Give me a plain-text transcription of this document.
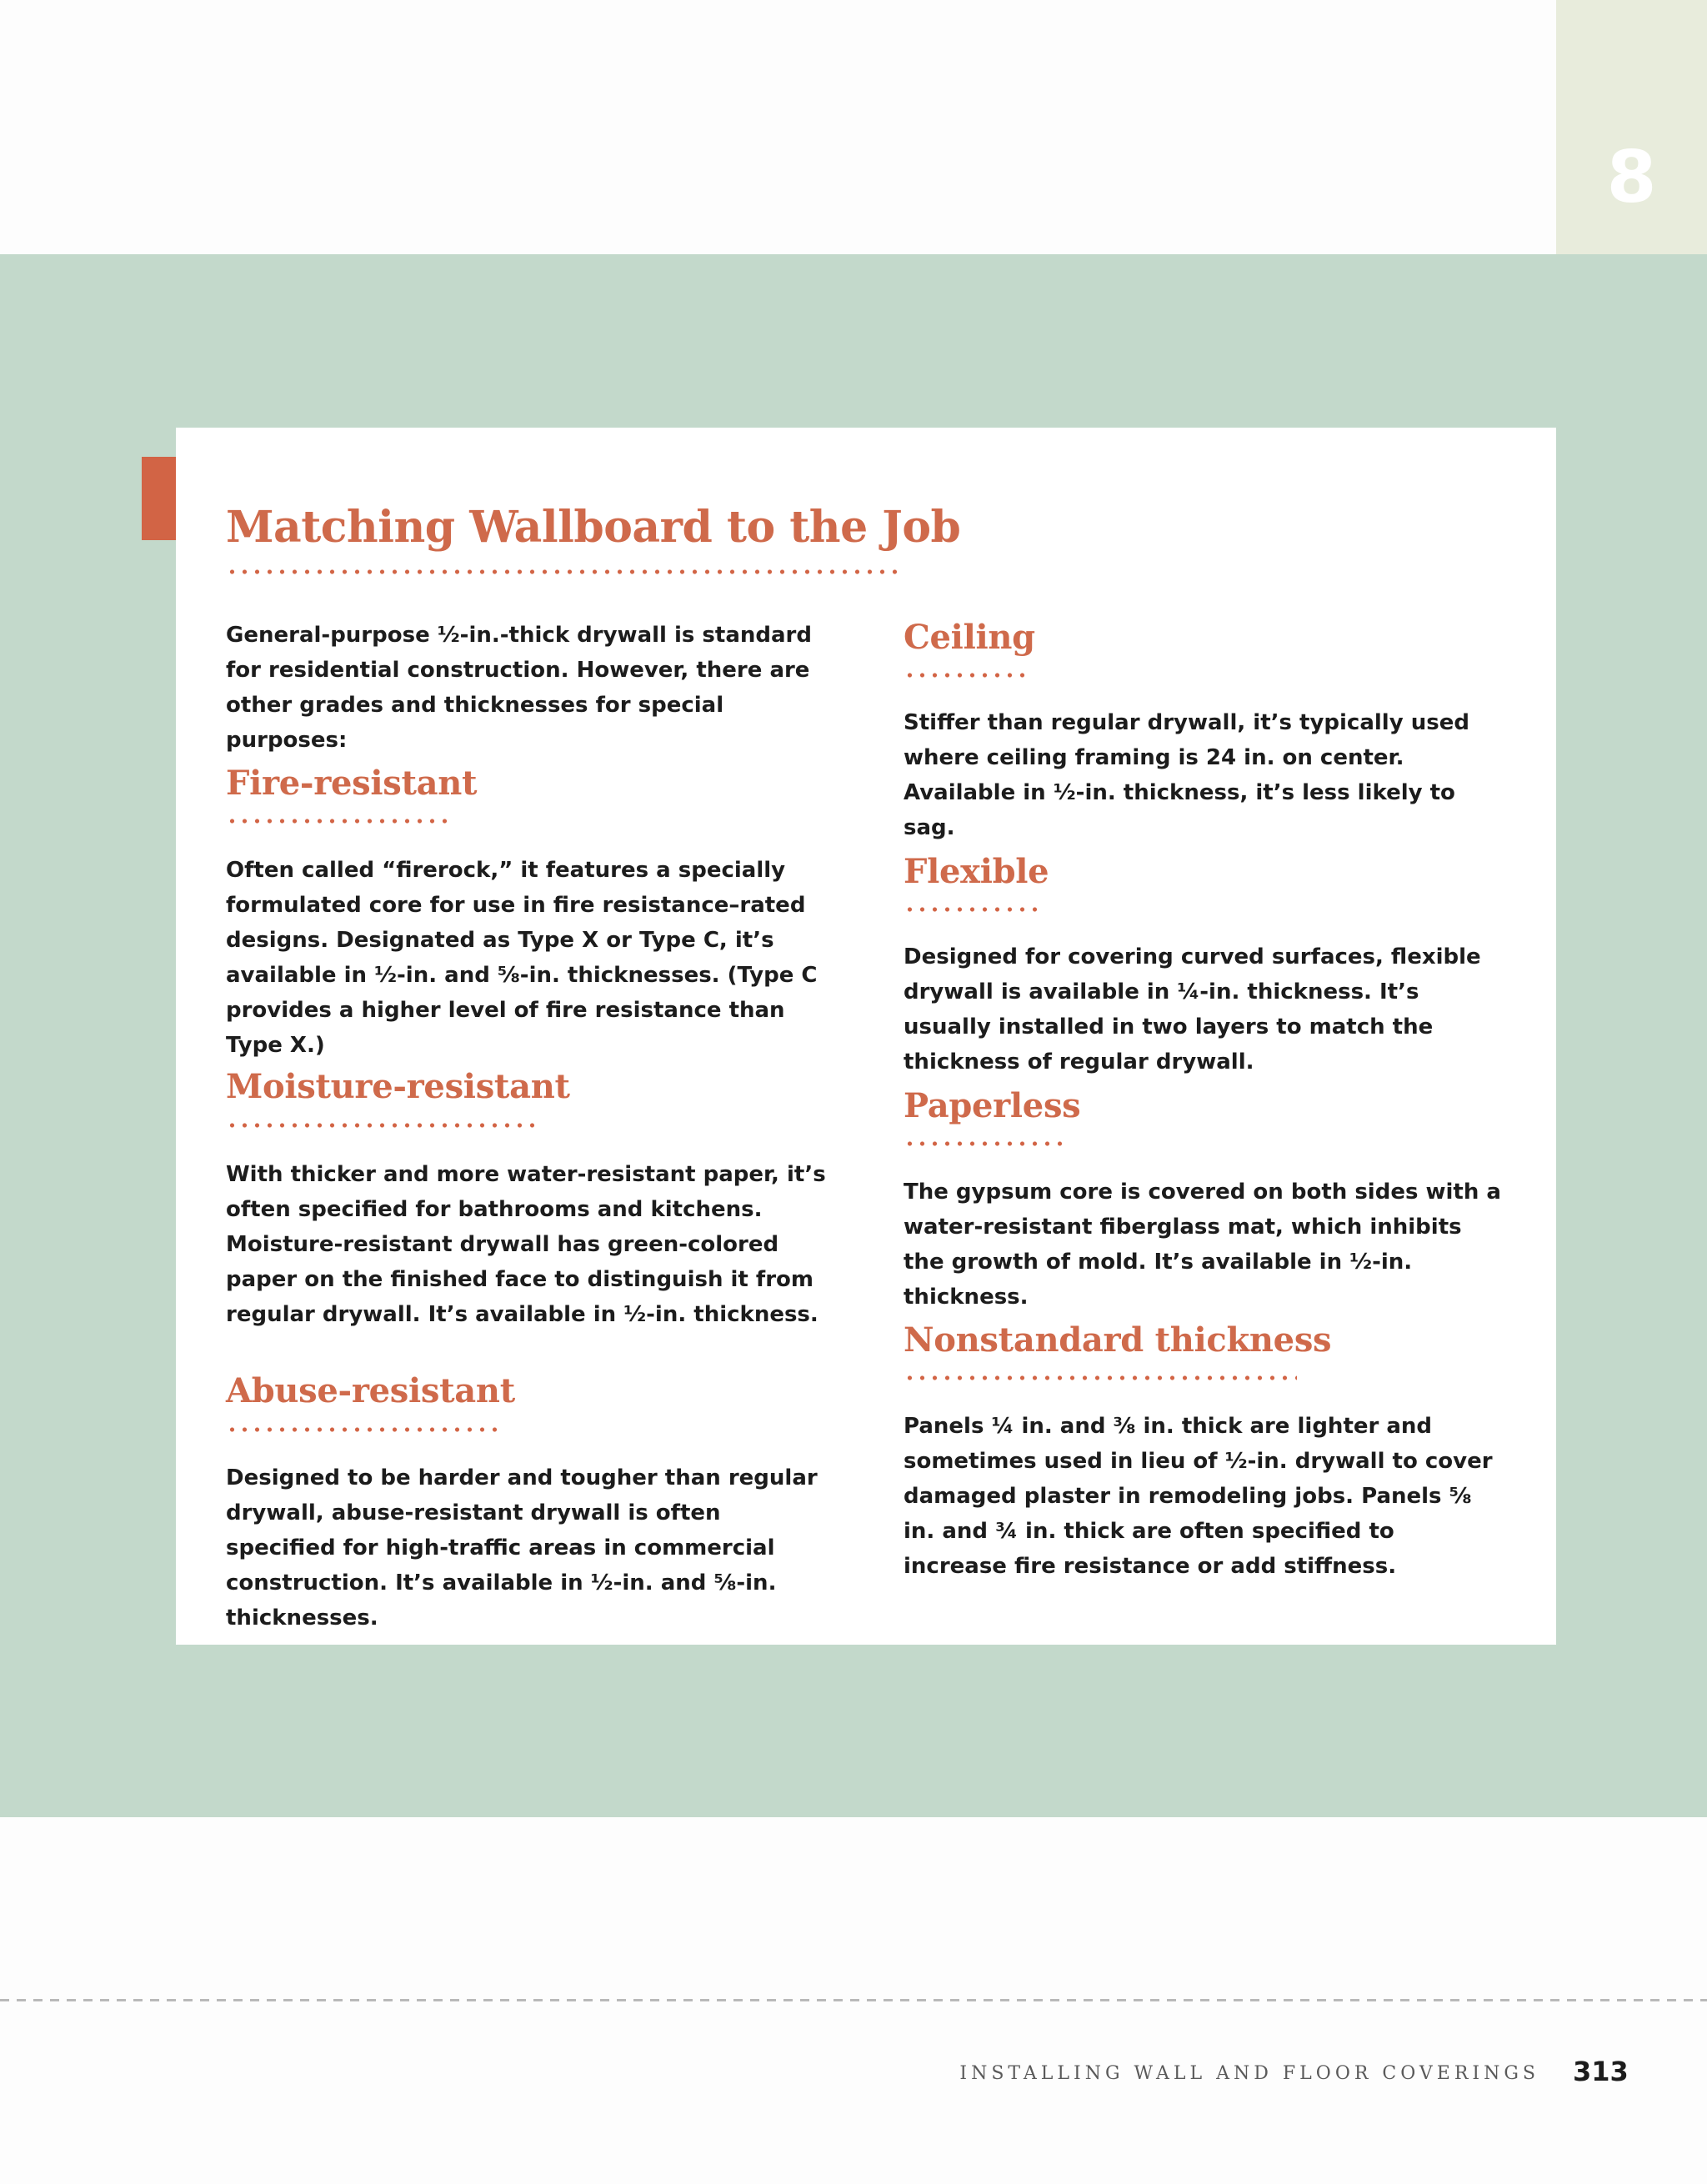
8
Matching Wallboard to the Job

General-purpose ½-in.-thick drywall is standard for residential construction. However, there are other grades and thicknesses for special purposes:

Fire-resistant

Often called “firerock,” it features a specially formulated core for use in fire resistance–rated designs. Designated as Type X or Type C, it’s available in ½-in. and ⅝-in. thicknesses. (Type C provides a higher level of fire resistance than Type X.)

Moisture-resistant

With thicker and more water-resistant paper, it’s often specified for bathrooms and kitchens. Moisture-resistant drywall has green-colored paper on the finished face to distinguish it from regular drywall. It’s available in ½-in. thickness.

Abuse-resistant

Designed to be harder and tougher than regular drywall, abuse-resistant drywall is often specified for high-traffic areas in commercial construction. It’s available in ½-in. and ⅝-in. thicknesses.

Ceiling

Stiffer than regular drywall, it’s typically used where ceiling framing is 24 in. on center. Available in ½-in. thickness, it’s less likely to sag.

Flexible

Designed for covering curved surfaces, flexible drywall is available in ¼-in. thickness. It’s usually installed in two layers to match the thickness of regular drywall.

Paperless

The gypsum core is covered on both sides with a water-resistant fiberglass mat, which inhibits the growth of mold. It’s available in ½-in. thickness.

Nonstandard thickness

Panels ¼ in. and ⅜ in. thick are lighter and sometimes used in lieu of ½-in. drywall to cover damaged plaster in remodeling jobs. Panels ⅝ in. and ¾ in. thick are often specified to increase fire resistance or add stiffness.

INSTALLING WALL AND FLOOR COVERINGS 313
